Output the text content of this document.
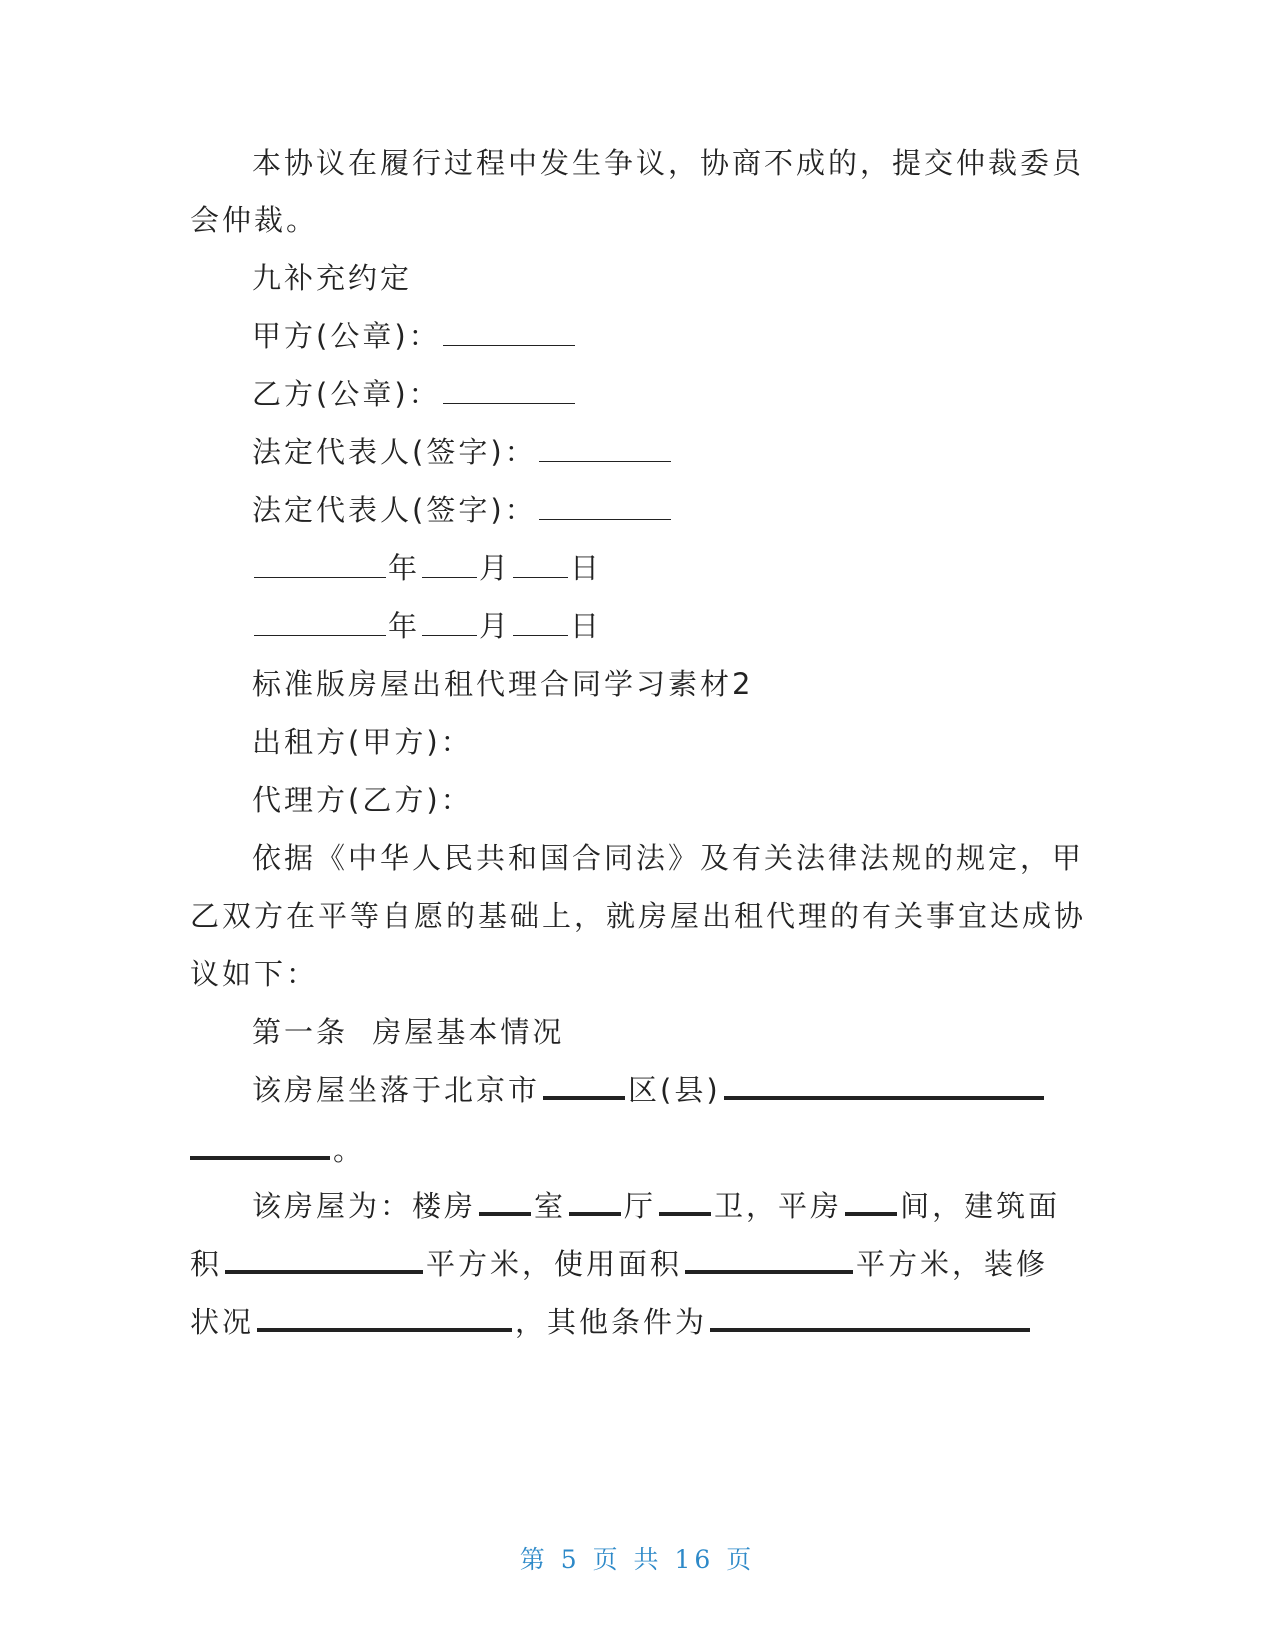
本协议在履行过程中发生争议，协商不成的，提交仲裁委员
会仲裁。
九补充约定
甲方(公章)：
乙方(公章)：
法定代表人(签字)：
法定代表人(签字)：
年 月 日
年 月 日
标准版房屋出租代理合同学习素材2
出租方(甲方)：
代理方(乙方)：
依据《中华人民共和国合同法》及有关法律法规的规定，甲
乙双方在平等自愿的基础上，就房屋出租代理的有关事宜达成协
议如下：
第一条  房屋基本情况
该房屋坐落于北京市	区(县)
。
该房屋为：楼房 室 厅 卫，平房 间，建筑面
积	平方米，使用面积	平方米，装修
状况	，其他条件为
第 5 页 共 16 页
